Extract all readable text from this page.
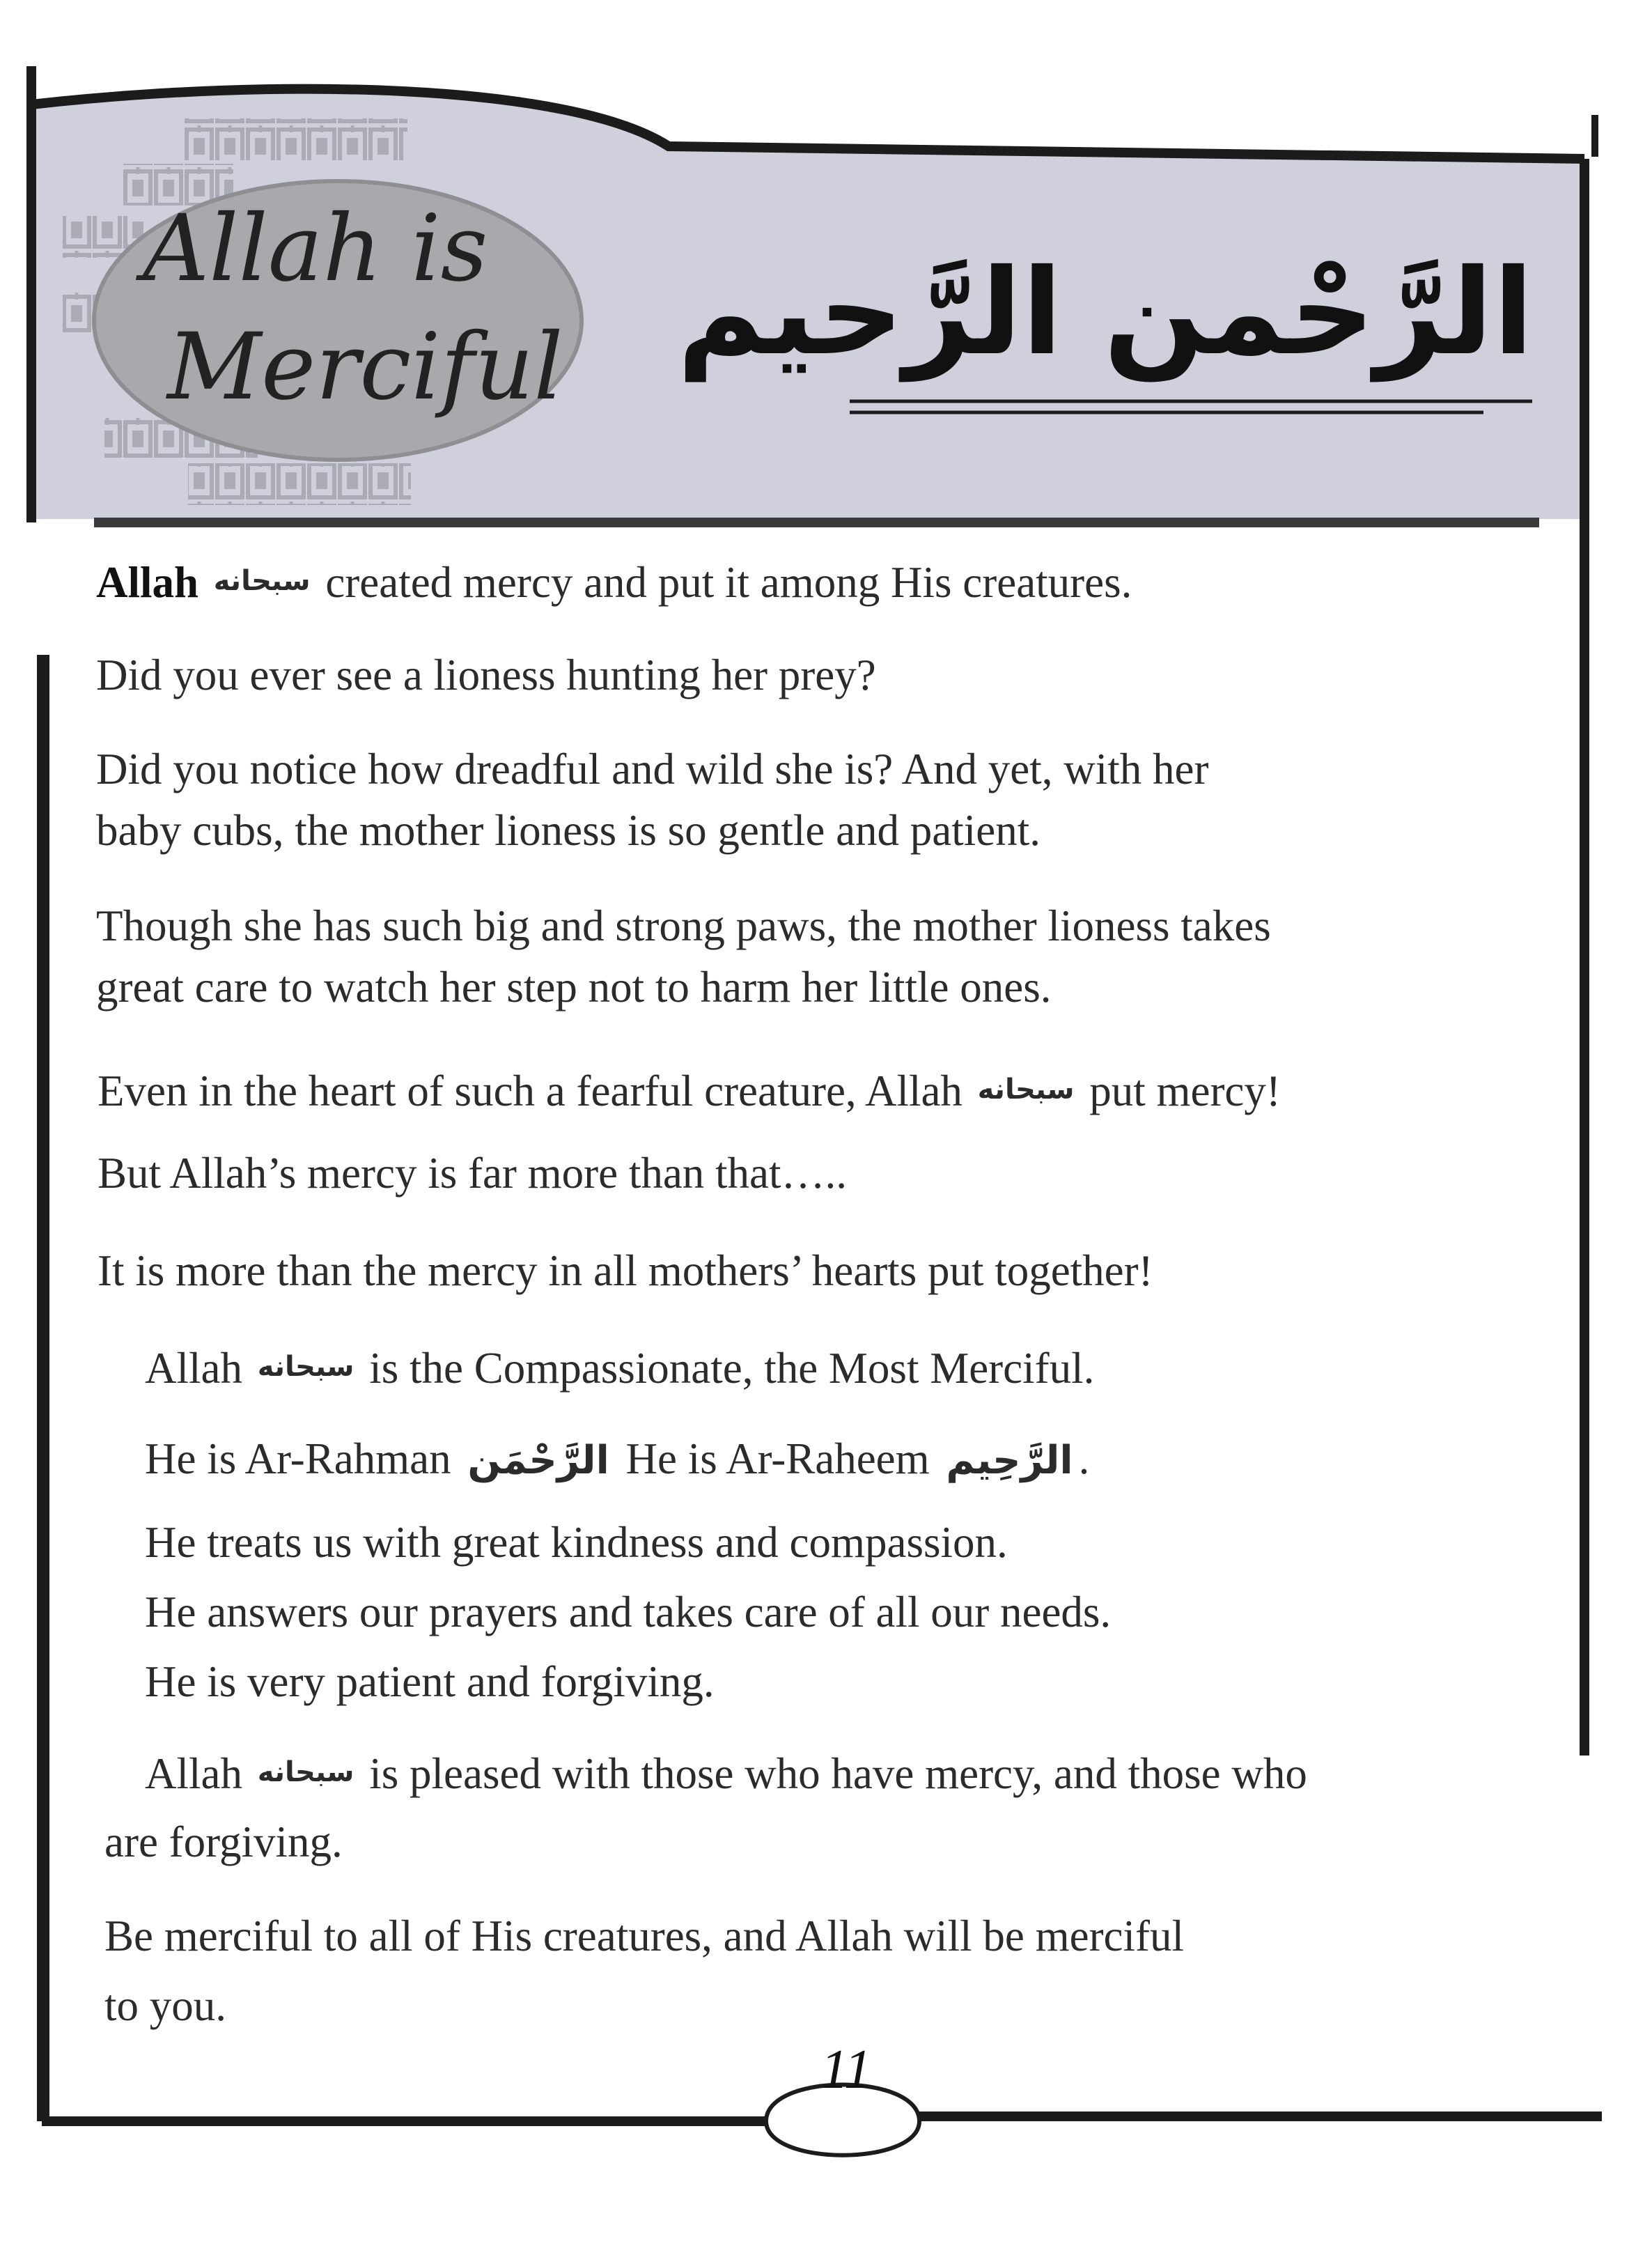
Allah is
Merciful الرَّحْمن الرَّحيم
Allah سبحانه created mercy and put it among His creatures.
Did you ever see a lioness hunting her prey?
Did you notice how dreadful and wild she is? And yet, with her
baby cubs, the mother lioness is so gentle and patient.
Though she has such big and strong paws, the mother lioness takes
great care to watch her step not to harm her little ones.
Even in the heart of such a fearful creature, Allah سبحانه put mercy!
But Allah’s mercy is far more than that…..
It is more than the mercy in all mothers’ hearts put together!
Allah سبحانه is the Compassionate, the Most Merciful.
He is Ar-Rahman الرَّحْمَن He is Ar-Raheem الرَّحِيم .
He treats us with great kindness and compassion.
He answers our prayers and takes care of all our needs.
He is very patient and forgiving.
Allah سبحانه is pleased with those who have mercy, and those who
are forgiving.
Be merciful to all of His creatures, and Allah will be merciful
to you.
11
